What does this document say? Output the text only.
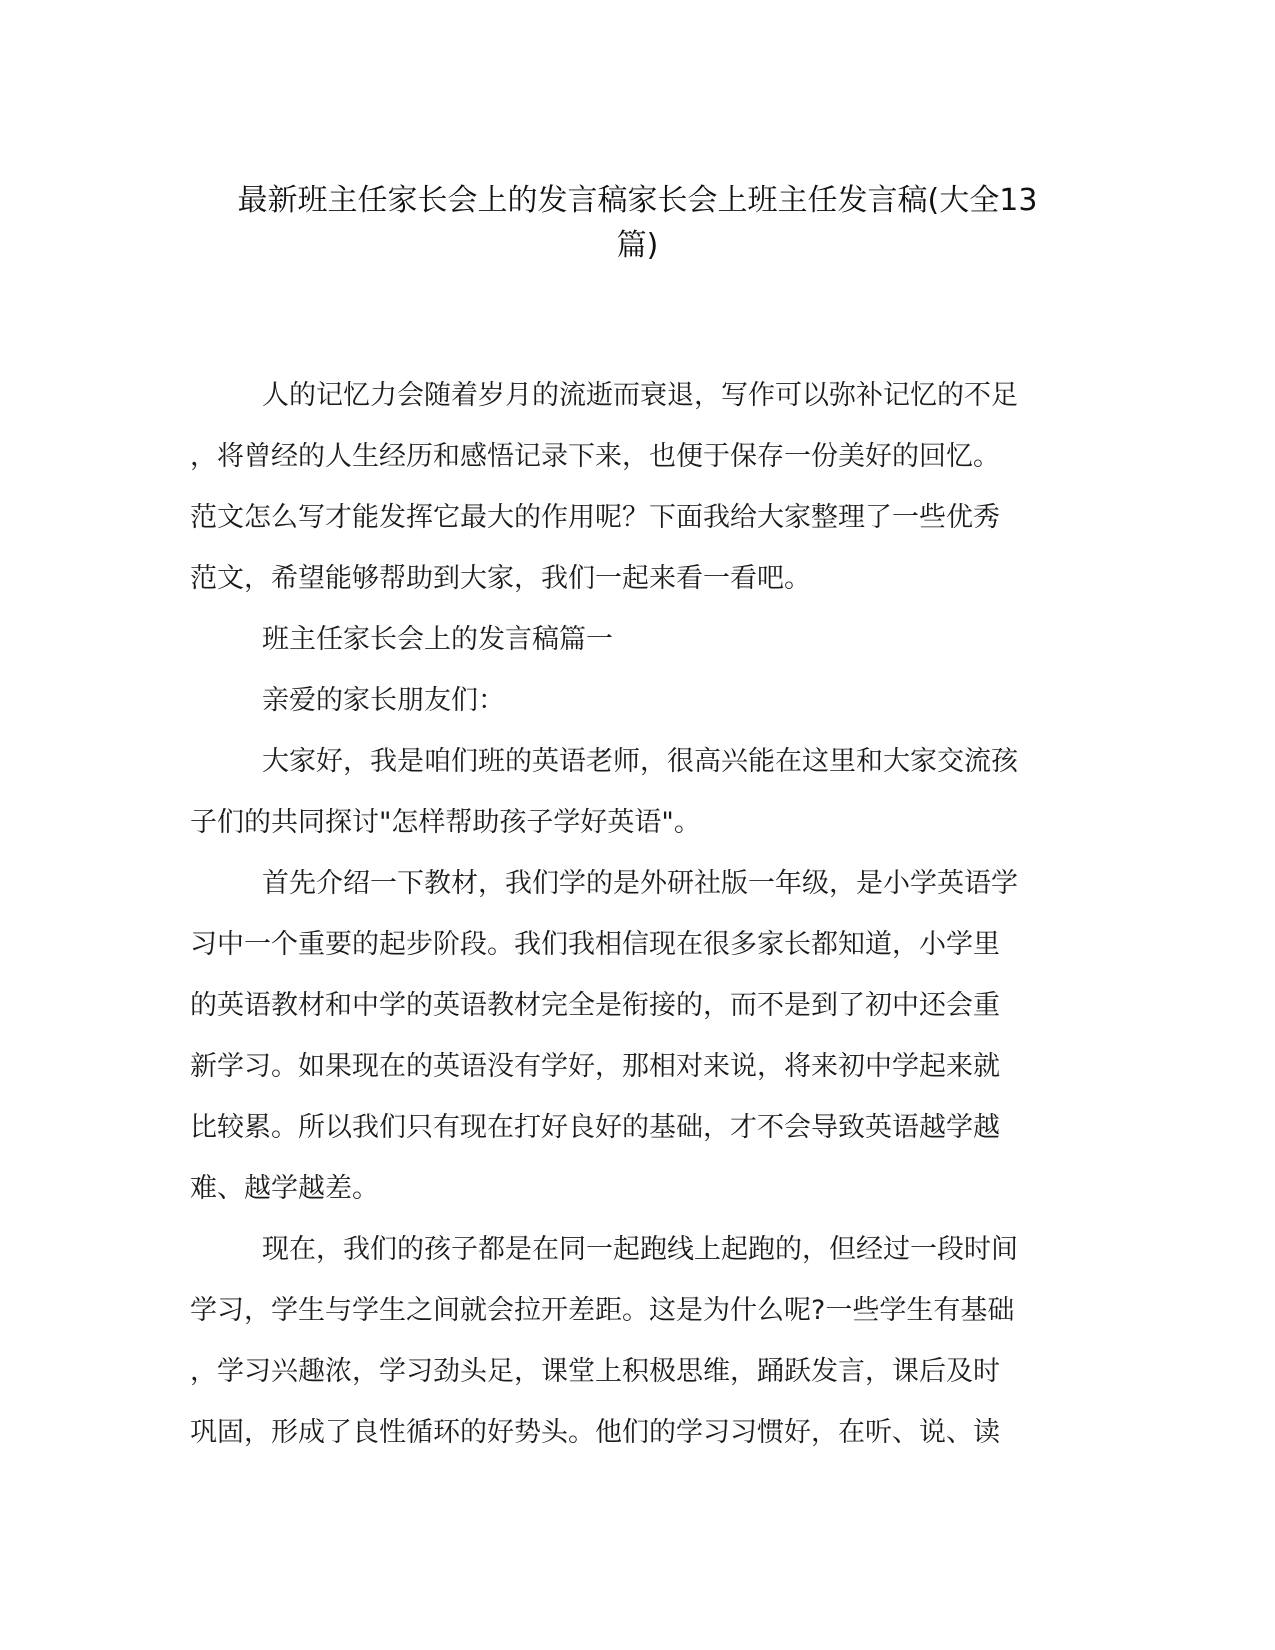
最新班主任家长会上的发言稿家长会上班主任发言稿(大全13
篇)
人的记忆力会随着岁月的流逝而衰退，写作可以弥补记忆的不足
，将曾经的人生经历和感悟记录下来，也便于保存一份美好的回忆。
范文怎么写才能发挥它最大的作用呢？下面我给大家整理了一些优秀
范文，希望能够帮助到大家，我们一起来看一看吧。
班主任家长会上的发言稿篇一
亲爱的家长朋友们：
大家好，我是咱们班的英语老师，很高兴能在这里和大家交流孩
子们的共同探讨"怎样帮助孩子学好英语"。
首先介绍一下教材，我们学的是外研社版一年级，是小学英语学
习中一个重要的起步阶段。我们我相信现在很多家长都知道，小学里
的英语教材和中学的英语教材完全是衔接的，而不是到了初中还会重
新学习。如果现在的英语没有学好，那相对来说，将来初中学起来就
比较累。所以我们只有现在打好良好的基础，才不会导致英语越学越
难、越学越差。
现在，我们的孩子都是在同一起跑线上起跑的，但经过一段时间
学习，学生与学生之间就会拉开差距。这是为什么呢?一些学生有基础
，学习兴趣浓，学习劲头足，课堂上积极思维，踊跃发言，课后及时
巩固，形成了良性循环的好势头。他们的学习习惯好，在听、说、读
